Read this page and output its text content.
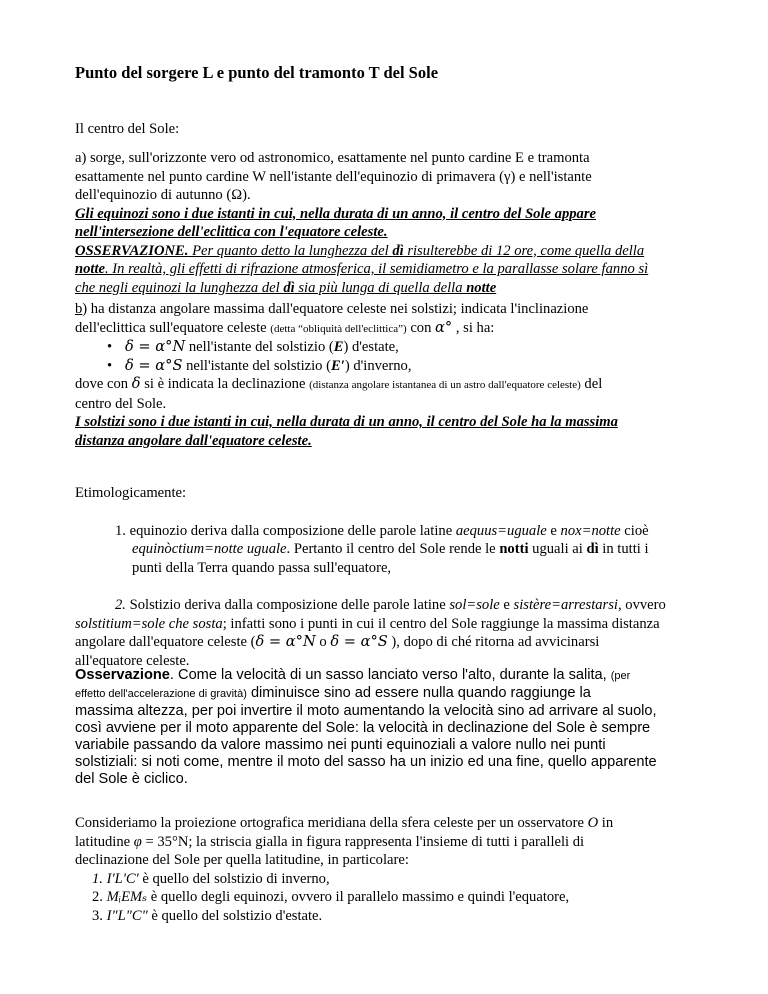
Punto del sorgere L e punto del tramonto T del Sole

Il centro del Sole:

a) sorge, sull'orizzonte vero od astronomico, esattamente nel punto cardine E e tramonta

esattamente nel punto cardine W nell'istante dell'equinozio di primavera (γ) e nell'istante

dell'equinozio di autunno (Ω).

Gli equinozi sono i due istanti in cui, nella durata di un anno, il centro del Sole appare

nell'intersezione dell'eclittica con l'equatore celeste.

OSSERVAZIONE. Per quanto detto la lunghezza del dì risulterebbe di 12 ore, come quella della

notte. In realtà, gli effetti di rifrazione atmosferica, il semidiametro e la parallasse solare fanno sì

che negli equinozi la lunghezza del dì sia più lunga di quella della notte

b) ha distanza angolare massima dall'equatore celeste nei solstizi; indicata l'inclinazione

dell'eclittica sull'equatore celeste (detta “obliquità dell'eclittica”) con α° , si ha:

• δ = α°N nell'istante del solstizio (E) d'estate,

• δ = α°S nell'istante del solstizio (E′) d'inverno,

dove con δ si è indicata la declinazione (distanza angolare istantanea di un astro dall'equatore celeste) del

centro del Sole.

I solstizi sono i due istanti in cui, nella durata di un anno, il centro del Sole ha la massima

distanza angolare dall'equatore celeste.

Etimologicamente:

1. equinozio deriva dalla composizione delle parole latine aequus=uguale e nox=notte cioè

equinòctium=notte uguale. Pertanto il centro del Sole rende le notti uguali ai dì in tutti i

punti della Terra quando passa sull'equatore,

2. Solstizio deriva dalla composizione delle parole latine sol=sole e sistère=arrestarsi, ovvero

solstitium=sole che sosta; infatti sono i punti in cui il centro del Sole raggiunge la massima distanza

angolare dall'equatore celeste (δ = α°N o δ = α°S ), dopo di ché ritorna ad avvicinarsi

all'equatore celeste.

Osservazione. Come la velocità di un sasso lanciato verso l'alto, durante la salita, (per

effetto dell'accelerazione di gravità) diminuisce sino ad essere nulla quando raggiunge la

massima altezza, per poi invertire il moto aumentando la velocità sino ad arrivare al suolo,

così avviene per il moto apparente del Sole: la velocità in declinazione del Sole è sempre

variabile passando da valore massimo nei punti equinoziali a valore nullo nei punti

solstiziali: si noti come, mentre il moto del sasso ha un inizio ed una fine, quello apparente

del Sole è ciclico.

Consideriamo la proiezione ortografica meridiana della sfera celeste per un osservatore O in

latitudine φ = 35°N; la striscia gialla in figura rappresenta l'insieme di tutti i paralleli di

declinazione del Sole per quella latitudine, in particolare:

1. I'L'C' è quello del solstizio di inverno,

2. MᵢEMₛ è quello degli equinozi, ovvero il parallelo massimo e quindi l'equatore,

3. I"L"C" è quello del solstizio d'estate.
